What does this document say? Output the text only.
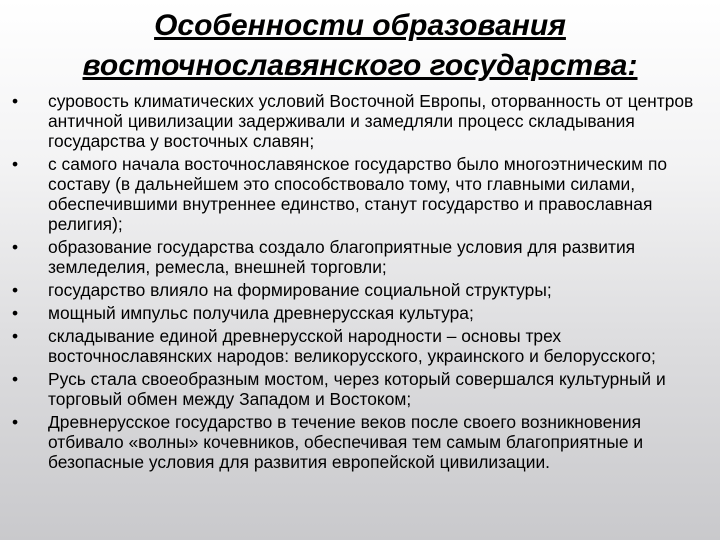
Особенности образования
восточнославянского государства:
•	суровость климатических условий Восточной Европы, оторванность от центров античной цивилизации задерживали и замедляли процесс складывания государства у восточных славян;
•	с самого начала восточнославянское государство было многоэтническим по составу (в дальнейшем это способствовало тому, что главными силами, обеспечившими внутреннее единство, станут государство и православная религия);
•	образование государства создало благоприятные условия для развития земледелия, ремесла, внешней торговли;
•	государство влияло на формирование социальной структуры;
•	мощный импульс получила древнерусская культура;
•	складывание единой древнерусской народности – основы трех восточнославянских народов: великорусского, украинского и белорусского;
•	Русь стала своеобразным мостом, через который совершался культурный и торговый обмен между Западом и Востоком;
•	Древнерусское государство в течение веков после своего возникновения отбивало «волны» кочевников, обеспечивая тем самым благоприятные и безопасные условия для развития европейской цивилизации.
